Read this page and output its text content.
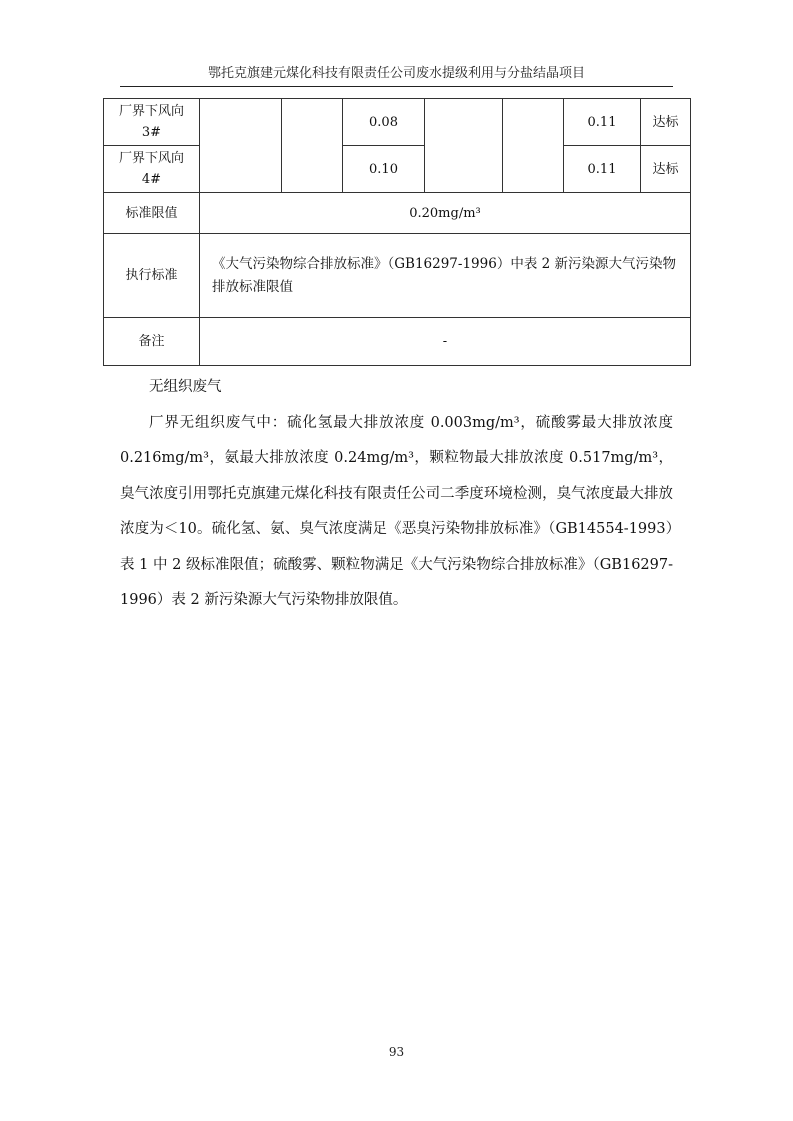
鄂托克旗建元煤化科技有限责任公司废水提级利用与分盐结晶项目
厂界下风向
3#			0.08			0.11	达标
厂界下风向
4#			0.10			0.11	达标
标准限值	0.20mg/m³						
执行标准	《大气污染物综合排放标准》（GB16297-1996）中表 2 新污染源大气污染物排放标准限值						
备注	-						

无组织废气

厂界无组织废气中：硫化氢最大排放浓度 0.003mg/m³，硫酸雾最大排放浓度 0.216mg/m³，氨最大排放浓度 0.24mg/m³，颗粒物最大排放浓度 0.517mg/m³，臭气浓度引用鄂托克旗建元煤化科技有限责任公司二季度环境检测，臭气浓度最大排放浓度为＜10。硫化氢、氨、臭气浓度满足《恶臭污染物排放标准》（GB14554-1993）表 1 中 2 级标准限值；硫酸雾、颗粒物满足《大气污染物综合排放标准》（GB16297-1996）表 2 新污染源大气污染物排放限值。

93
